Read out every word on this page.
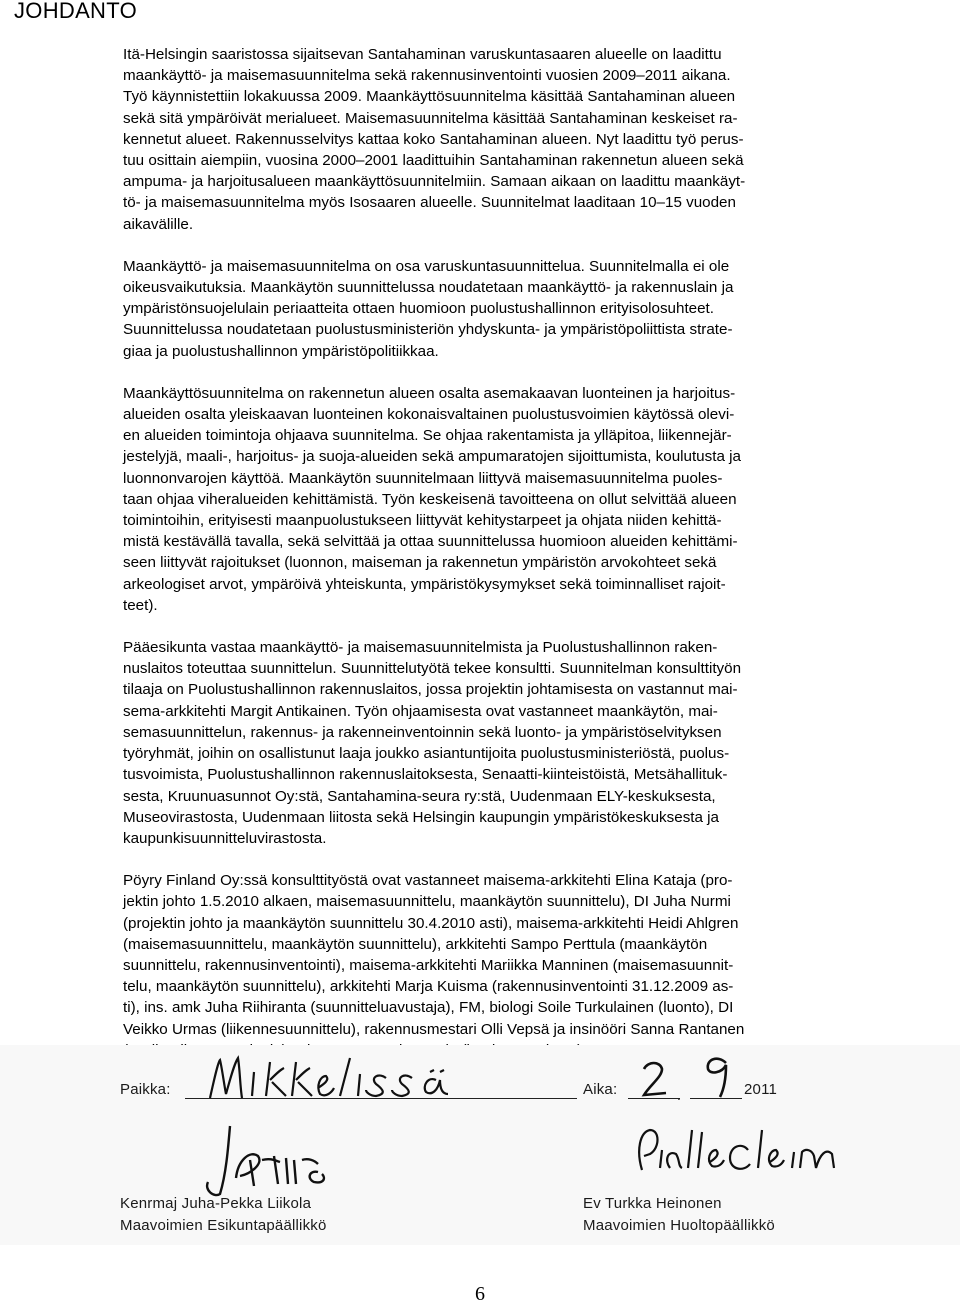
JOHDANTO

Itä-Helsingin saaristossa sijaitsevan Santahaminan varuskuntasaaren alueelle on laadittu
maankäyttö- ja maisemasuunnitelma sekä rakennusinventointi vuosien 2009–2011 aikana.
Työ käynnistettiin lokakuussa 2009. Maankäyttösuunnitelma käsittää Santahaminan alueen
sekä sitä ympäröivät merialueet. Maisemasuunnitelma käsittää Santahaminan keskeiset ra-
kennetut alueet. Rakennusselvitys kattaa koko Santahaminan alueen. Nyt laadittu työ perus-
tuu osittain aiempiin, vuosina 2000–2001 laadittuihin Santahaminan rakennetun alueen sekä
ampuma- ja harjoitusalueen maankäyttösuunnitelmiin. Samaan aikaan on laadittu maankäyt-
tö- ja maisemasuunnitelma myös Isosaaren alueelle. Suunnitelmat laaditaan 10–15 vuoden
aikavälille.

Maankäyttö- ja maisemasuunnitelma on osa varuskuntasuunnittelua. Suunnitelmalla ei ole
oikeusvaikutuksia. Maankäytön suunnittelussa noudatetaan maankäyttö- ja rakennuslain ja
ympäristönsuojelulain periaatteita ottaen huomioon puolustushallinnon erityisolosuhteet.
Suunnittelussa noudatetaan puolustusministeriön yhdyskunta- ja ympäristöpoliittista strate-
giaa ja puolustushallinnon ympäristöpolitiikkaa.

Maankäyttösuunnitelma on rakennetun alueen osalta asemakaavan luonteinen ja harjoitus-
alueiden osalta yleiskaavan luonteinen kokonaisvaltainen puolustusvoimien käytössä olevi-
en alueiden toimintoja ohjaava suunnitelma. Se ohjaa rakentamista ja ylläpitoa, liikennejär-
jestelyjä, maali-, harjoitus- ja suoja-alueiden sekä ampumaratojen sijoittumista, koulutusta ja
luonnonvarojen käyttöä. Maankäytön suunnitelmaan liittyvä maisemasuunnitelma puoles-
taan ohjaa viheralueiden kehittämistä. Työn keskeisenä tavoitteena on ollut selvittää alueen
toimintoihin, erityisesti maanpuolustukseen liittyvät kehitystarpeet ja ohjata niiden kehittä-
mistä kestävällä tavalla, sekä selvittää ja ottaa suunnittelussa huomioon alueiden kehittämi-
seen liittyvät rajoitukset (luonnon, maiseman ja rakennetun ympäristön arvokohteet sekä
arkeologiset arvot, ympäröivä yhteiskunta, ympäristökysymykset sekä toiminnalliset rajoit-
teet).

Pääesikunta vastaa maankäyttö- ja maisemasuunnitelmista ja Puolustushallinnon raken-
nuslaitos toteuttaa suunnittelun. Suunnittelutyötä tekee konsultti. Suunnitelman konsulttityön
tilaaja on Puolustushallinnon rakennuslaitos, jossa projektin johtamisesta on vastannut mai-
sema-arkkitehti Margit Antikainen. Työn ohjaamisesta ovat vastanneet maankäytön, mai-
semasuunnittelun, rakennus- ja rakenneinventoinnin sekä luonto- ja ympäristöselvityksen
työryhmät, joihin on osallistunut laaja joukko asiantuntijoita puolustusministeriöstä, puolus-
tusvoimista, Puolustushallinnon rakennuslaitoksesta, Senaatti-kiinteistöistä, Metsähallituk-
sesta, Kruunuasunnot Oy:stä, Santahamina-seura ry:stä, Uudenmaan ELY-keskuksesta,
Museovirastosta, Uudenmaan liitosta sekä Helsingin kaupungin ympäristökeskuksesta ja
kaupunkisuunnitteluvirastosta.

Pöyry Finland Oy:ssä konsulttityöstä ovat vastanneet maisema-arkkitehti Elina Kataja (pro-
jektin johto 1.5.2010 alkaen, maisemasuunnittelu, maankäytön suunnittelu), DI Juha Nurmi
(projektin johto ja maankäytön suunnittelu 30.4.2010 asti), maisema-arkkitehti Heidi Ahlgren
(maisemasuunnittelu, maankäytön suunnittelu), arkkitehti Sampo Perttula (maankäytön
suunnittelu, rakennusinventointi), maisema-arkkitehti Mariikka Manninen (maisemasuunnit-
telu, maankäytön suunnittelu), arkkitehti Marja Kuisma (rakennusinventointi 31.12.2009 as-
ti), ins. amk Juha Riihiranta (suunnitteluavustaja), FM, biologi Soile Turkulainen (luonto), DI
Veikko Urmas (liikennesuunnittelu), rakennusmestari Olli Vepsä ja insinööri Sanna Rantanen

Paikka:	Aika:	.	2011
Kenrmaj Juha-Pekka Liikola
Maavoimien Esikuntapäällikkö
Ev Turkka Heinonen
Maavoimien Huoltopäällikkö
6
